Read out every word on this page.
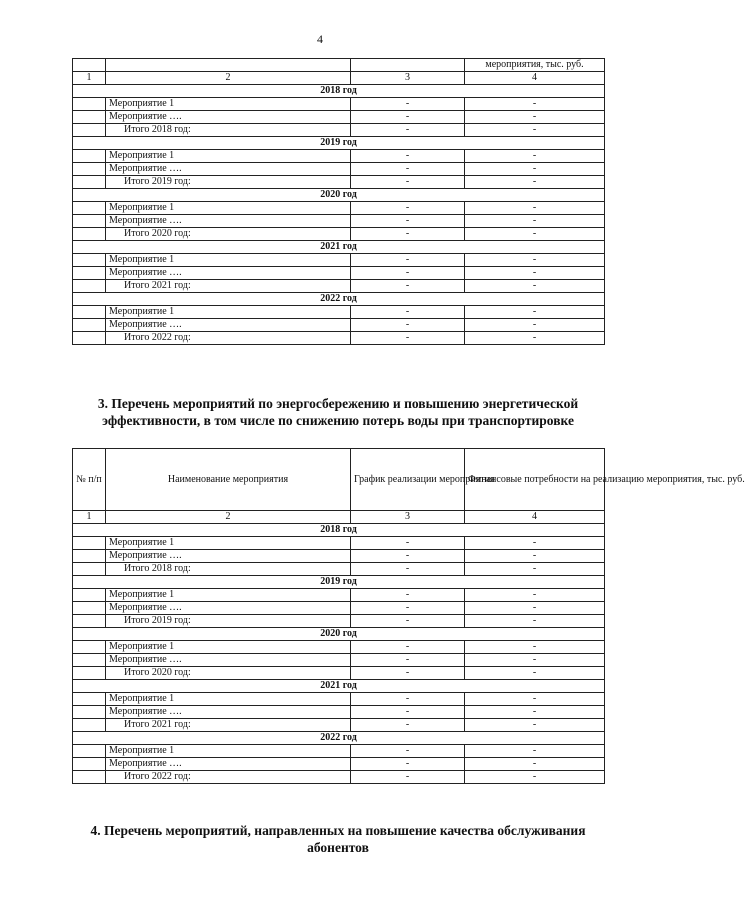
4
			мероприятия, тыс. руб.
1	2	3	4
2018 год			
	Мероприятие 1	-	-
	Мероприятие ….	-	-
	Итого 2018 год:	-	-
2019 год			
	Мероприятие 1	-	-
	Мероприятие ….	-	-
	Итого 2019 год:	-	-
2020 год			
	Мероприятие 1	-	-
	Мероприятие ….	-	-
	Итого 2020 год:	-	-
2021 год			
	Мероприятие 1	-	-
	Мероприятие ….	-	-
	Итого 2021 год:	-	-
2022 год			
	Мероприятие 1	-	-
	Мероприятие ….	-	-
	Итого 2022 год:	-	-
3. Перечень мероприятий по энергосбережению и повышению энергетической эффективности, в том числе по снижению потерь воды при транспортировке
№ п/п	Наименование мероприятия	График реализации мероприятия	Финансовые потребности на реализацию мероприятия, тыс. руб.
1	2	3	4
2018 год			
	Мероприятие 1	-	-
	Мероприятие ….	-	-
	Итого 2018 год:	-	-
2019 год			
	Мероприятие 1	-	-
	Мероприятие ….	-	-
	Итого 2019 год:	-	-
2020 год			
	Мероприятие 1	-	-
	Мероприятие ….	-	-
	Итого 2020 год:	-	-
2021 год			
	Мероприятие 1	-	-
	Мероприятие ….	-	-
	Итого 2021 год:	-	-
2022 год			
	Мероприятие 1	-	-
	Мероприятие ….	-	-
	Итого 2022 год:	-	-
4. Перечень мероприятий, направленных на повышение качества обслуживания абонентов
